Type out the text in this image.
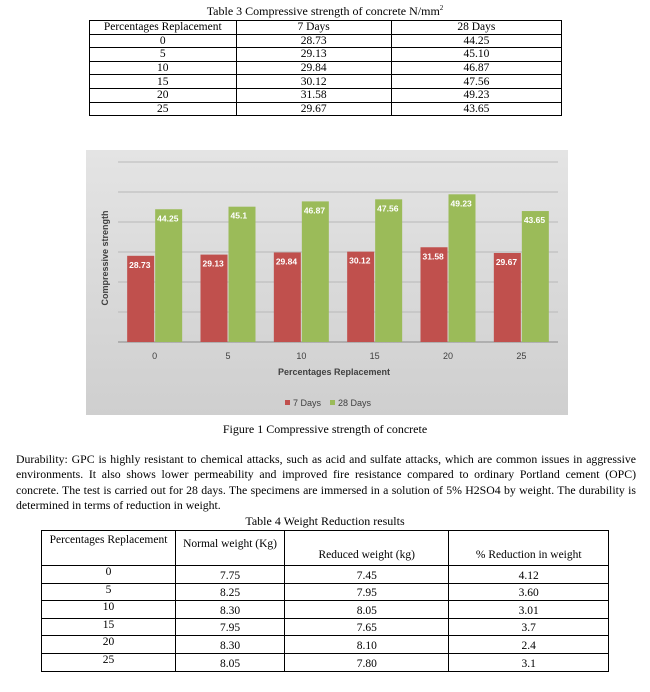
Table 3 Compressive strength of concrete $N/mm^2$
Percentages Replacement	7 Days	28 Days
0	28.73	44.25
5	29.13	45.10
10	29.84	46.87
15	30.12	47.56
20	31.58	49.23
25	29.67	43.65
28.73
44.25
29.13
45.1
29.84
46.87
30.12
47.56
31.58
49.23
29.67
43.65
0	5	10	15	20	25
Percentages Replacement
Compressive strength
7 Days 28 Days
Figure 1 Compressive strength of concrete
Durability: GPC is highly resistant to chemical attacks, such as acid and sulfate attacks, which are common issues in aggressive environments. It also shows lower permeability and improved fire resistance compared to ordinary Portland cement (OPC) concrete. The test is carried out for 28 days. The specimens are immersed in a solution of 5% H2SO4 by weight. The durability is determined in terms of reduction in weight.
Table 4 Weight Reduction results
Percentages Replacement	Normal weight (Kg)	Reduced weight (kg)	% Reduction in weight
0	7.75	7.45	4.12
5	8.25	7.95	3.60
10	8.30	8.05	3.01
15	7.95	7.65	3.7
20	8.30	8.10	2.4
25	8.05	7.80	3.1
